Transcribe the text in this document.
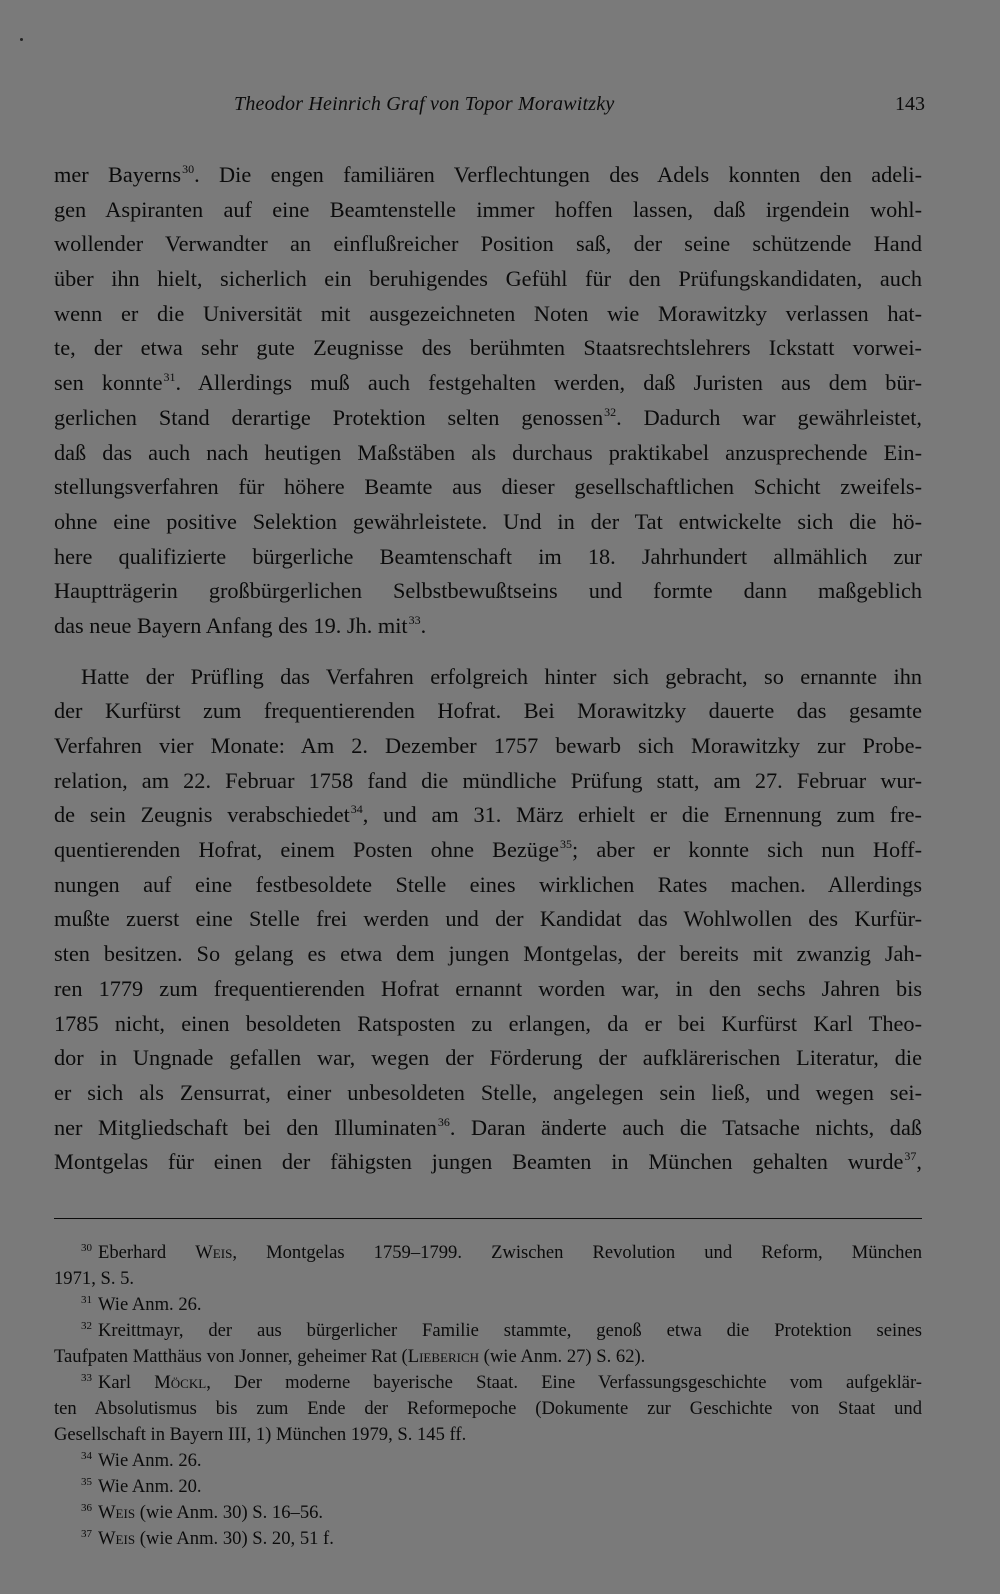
Theodor Heinrich Graf von Topor Morawitzky	143
mer Bayerns$^{30}$. Die engen familiären Verflechtungen des Adels konnten den adeli-
gen Aspiranten auf eine Beamtenstelle immer hoffen lassen, daß irgendein wohl-
wollender Verwandter an einflußreicher Position saß, der seine schützende Hand
über ihn hielt, sicherlich ein beruhigendes Gefühl für den Prüfungskandidaten, auch
wenn er die Universität mit ausgezeichneten Noten wie Morawitzky verlassen hat-
te, der etwa sehr gute Zeugnisse des berühmten Staatsrechtslehrers Ickstatt vorwei-
sen konnte$^{31}$. Allerdings muß auch festgehalten werden, daß Juristen aus dem bür-
gerlichen Stand derartige Protektion selten genossen$^{32}$. Dadurch war gewährleistet,
daß das auch nach heutigen Maßstäben als durchaus praktikabel anzusprechende Ein-
stellungsverfahren für höhere Beamte aus dieser gesellschaftlichen Schicht zweifels-
ohne eine positive Selektion gewährleistete. Und in der Tat entwickelte sich die hö-
here qualifizierte bürgerliche Beamtenschaft im 18. Jahrhundert allmählich zur
Hauptträgerin großbürgerlichen Selbstbewußtseins und formte dann maßgeblich
das neue Bayern Anfang des 19. Jh. mit$^{33}$.
Hatte der Prüfling das Verfahren erfolgreich hinter sich gebracht, so ernannte ihn
der Kurfürst zum frequentierenden Hofrat. Bei Morawitzky dauerte das gesamte
Verfahren vier Monate: Am 2. Dezember 1757 bewarb sich Morawitzky zur Probe-
relation, am 22. Februar 1758 fand die mündliche Prüfung statt, am 27. Februar wur-
de sein Zeugnis verabschiedet$^{34}$, und am 31. März erhielt er die Ernennung zum fre-
quentierenden Hofrat, einem Posten ohne Bezüge$^{35}$; aber er konnte sich nun Hoff-
nungen auf eine festbesoldete Stelle eines wirklichen Rates machen. Allerdings
mußte zuerst eine Stelle frei werden und der Kandidat das Wohlwollen des Kurfür-
sten besitzen. So gelang es etwa dem jungen Montgelas, der bereits mit zwanzig Jah-
ren 1779 zum frequentierenden Hofrat ernannt worden war, in den sechs Jahren bis
1785 nicht, einen besoldeten Ratsposten zu erlangen, da er bei Kurfürst Karl Theo-
dor in Ungnade gefallen war, wegen der Förderung der aufklärerischen Literatur, die
er sich als Zensurrat, einer unbesoldeten Stelle, angelegen sein ließ, und wegen sei-
ner Mitgliedschaft bei den Illuminaten$^{36}$. Daran änderte auch die Tatsache nichts, daß
Montgelas für einen der fähigsten jungen Beamten in München gehalten wurde$^{37}$,
$^{30}$ Eberhard Weis, Montgelas 1759–1799. Zwischen Revolution und Reform, München
1971, S. 5.
$^{31}$ Wie Anm. 26.
$^{32}$ Kreittmayr, der aus bürgerlicher Familie stammte, genoß etwa die Protektion seines
Taufpaten Matthäus von Jonner, geheimer Rat (Lieberich (wie Anm. 27) S. 62).
$^{33}$ Karl Möckl, Der moderne bayerische Staat. Eine Verfassungsgeschichte vom aufgeklär-
ten Absolutismus bis zum Ende der Reformepoche (Dokumente zur Geschichte von Staat und
Gesellschaft in Bayern III, 1) München 1979, S. 145 ff.
$^{34}$ Wie Anm. 26.
$^{35}$ Wie Anm. 20.
$^{36}$ Weis (wie Anm. 30) S. 16–56.
$^{37}$ Weis (wie Anm. 30) S. 20, 51 f.
